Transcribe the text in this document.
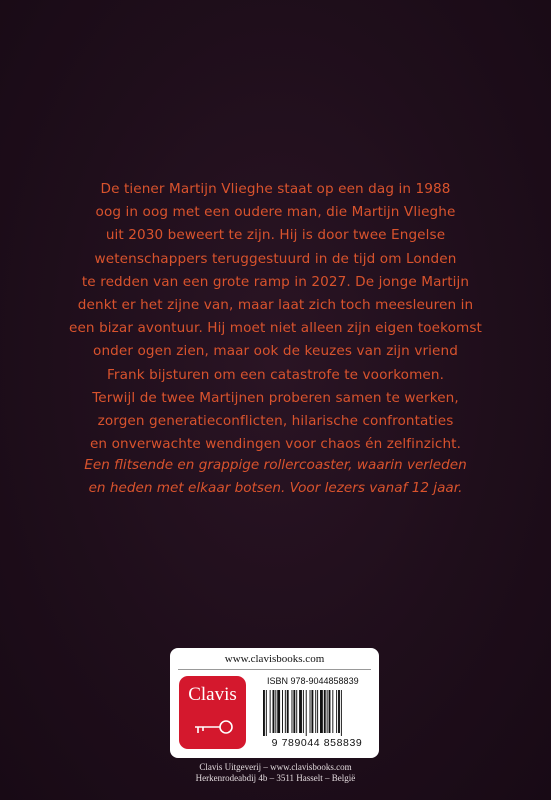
De tiener Martijn Vlieghe staat op een dag in 1988
oog in oog met een oudere man, die Martijn Vlieghe
uit 2030 beweert te zijn. Hij is door twee Engelse
wetenschappers teruggestuurd in de tijd om Londen
te redden van een grote ramp in 2027. De jonge Martijn
denkt er het zijne van, maar laat zich toch meesleuren in
een bizar avontuur. Hij moet niet alleen zijn eigen toekomst
onder ogen zien, maar ook de keuzes van zijn vriend
Frank bijsturen om een catastrofe te voorkomen.
Terwijl de twee Martijnen proberen samen te werken,
zorgen generatieconflicten, hilarische confrontaties
en onverwachte wendingen voor chaos én zelfinzicht.
Een flitsende en grappige rollercoaster, waarin verleden
en heden met elkaar botsen. Voor lezers vanaf 12 jaar.
www.clavisbooks.com
Clavis
ISBN 978-9044858839
9 789044 858839
Clavis Uitgeverij – www.clavisbooks.com
Herkenrodeabdij 4b – 3511 Hasselt – België
